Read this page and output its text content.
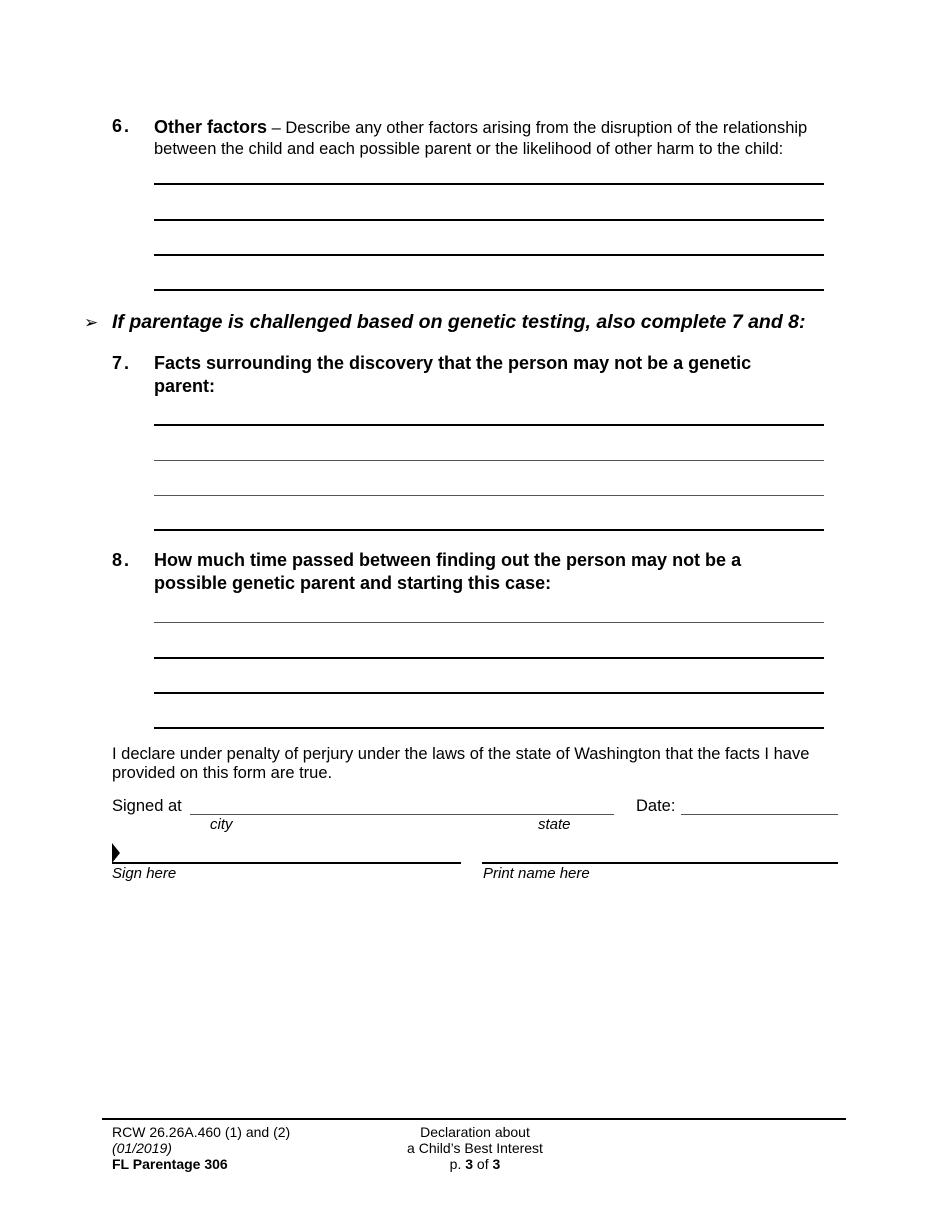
6. Other factors – Describe any other factors arising from the disruption of the relationship between the child and each possible parent or the likelihood of other harm to the child:
➢ If parentage is challenged based on genetic testing, also complete 7 and 8:
7. Facts surrounding the discovery that the person may not be a genetic parent:
8. How much time passed between finding out the person may not be a possible genetic parent and starting this case:
I declare under penalty of perjury under the laws of the state of Washington that the facts I have provided on this form are true.
Signed at	Date:
city	state
Sign here	Print name here
RCW 26.26A.460 (1) and (2)
(01/2019)
FL Parentage 306
Declaration about
a Child’s Best Interest
p. 3 of 3
